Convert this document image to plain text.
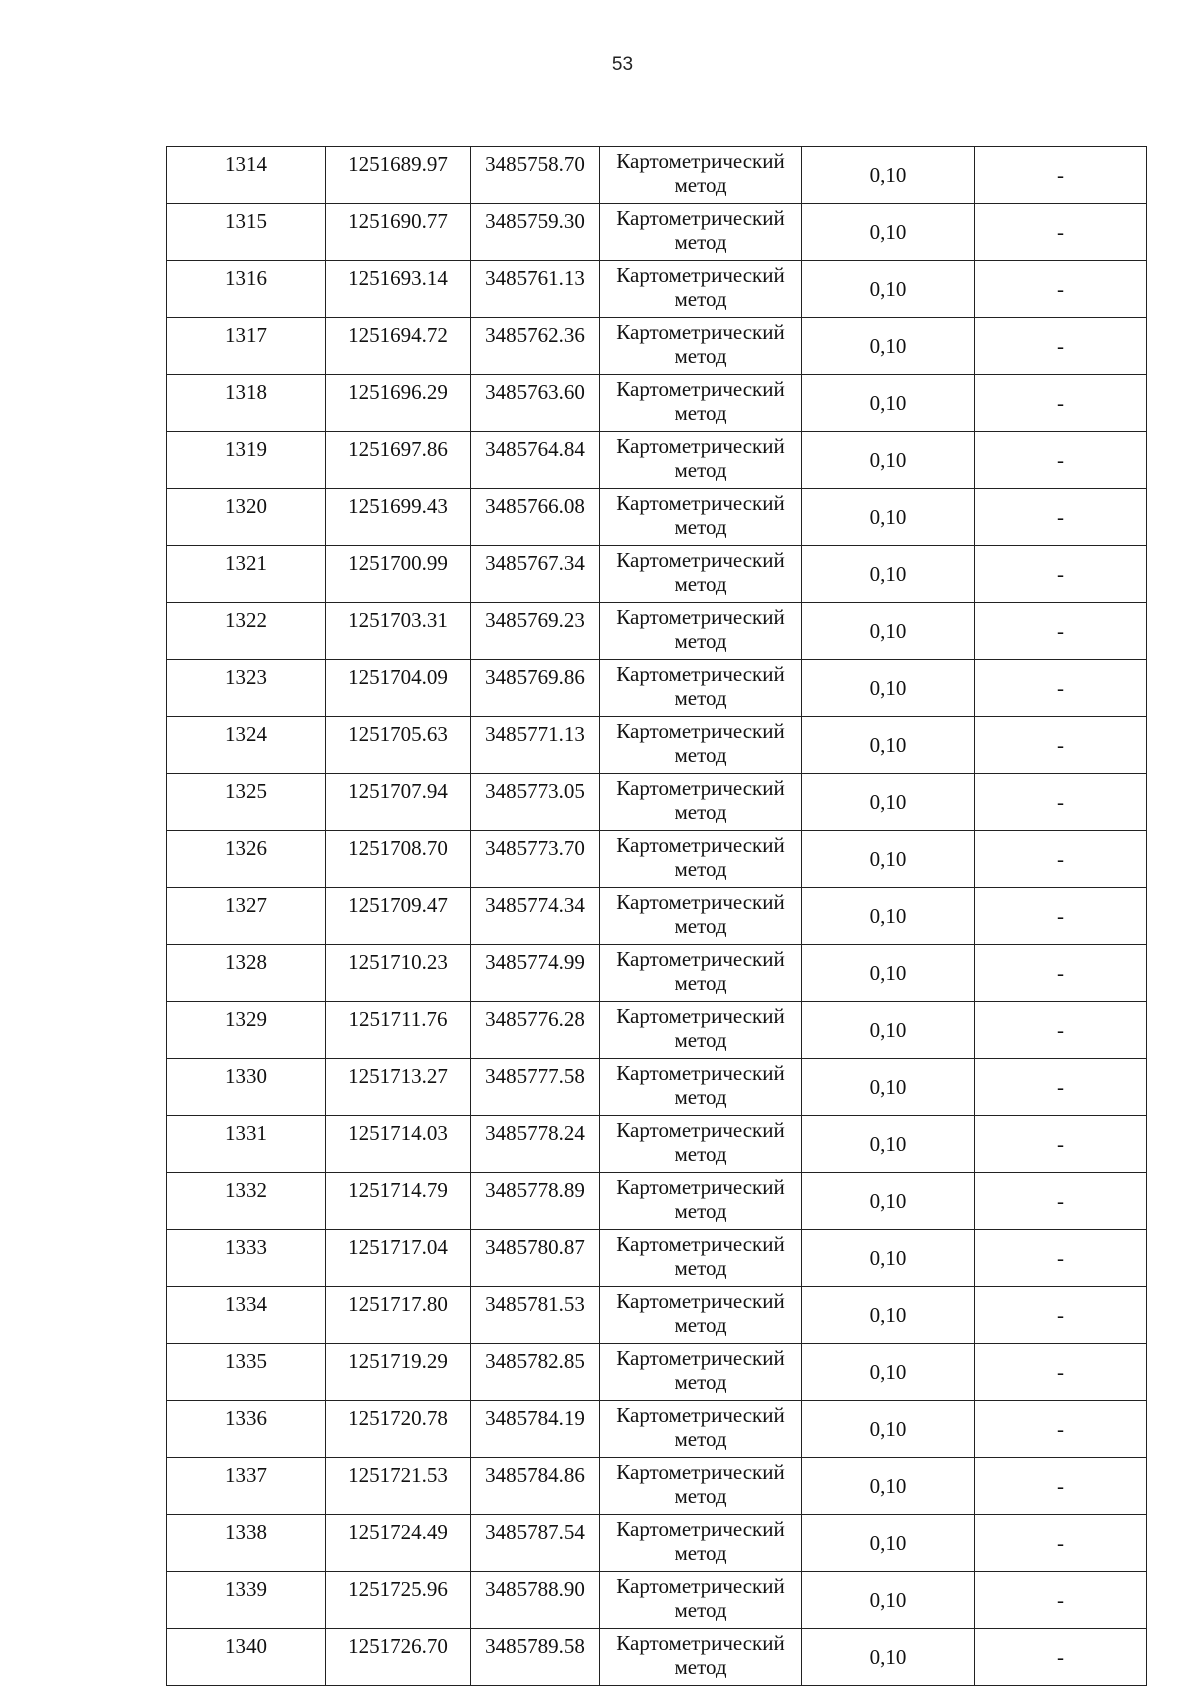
53
1314	1251689.97	3485758.70	Картометрический
метод	0,10	-
1315	1251690.77	3485759.30	Картометрический
метод	0,10	-
1316	1251693.14	3485761.13	Картометрический
метод	0,10	-
1317	1251694.72	3485762.36	Картометрический
метод	0,10	-
1318	1251696.29	3485763.60	Картометрический
метод	0,10	-
1319	1251697.86	3485764.84	Картометрический
метод	0,10	-
1320	1251699.43	3485766.08	Картометрический
метод	0,10	-
1321	1251700.99	3485767.34	Картометрический
метод	0,10	-
1322	1251703.31	3485769.23	Картометрический
метод	0,10	-
1323	1251704.09	3485769.86	Картометрический
метод	0,10	-
1324	1251705.63	3485771.13	Картометрический
метод	0,10	-
1325	1251707.94	3485773.05	Картометрический
метод	0,10	-
1326	1251708.70	3485773.70	Картометрический
метод	0,10	-
1327	1251709.47	3485774.34	Картометрический
метод	0,10	-
1328	1251710.23	3485774.99	Картометрический
метод	0,10	-
1329	1251711.76	3485776.28	Картометрический
метод	0,10	-
1330	1251713.27	3485777.58	Картометрический
метод	0,10	-
1331	1251714.03	3485778.24	Картометрический
метод	0,10	-
1332	1251714.79	3485778.89	Картометрический
метод	0,10	-
1333	1251717.04	3485780.87	Картометрический
метод	0,10	-
1334	1251717.80	3485781.53	Картометрический
метод	0,10	-
1335	1251719.29	3485782.85	Картометрический
метод	0,10	-
1336	1251720.78	3485784.19	Картометрический
метод	0,10	-
1337	1251721.53	3485784.86	Картометрический
метод	0,10	-
1338	1251724.49	3485787.54	Картометрический
метод	0,10	-
1339	1251725.96	3485788.90	Картометрический
метод	0,10	-
1340	1251726.70	3485789.58	Картометрический
метод	0,10	-
